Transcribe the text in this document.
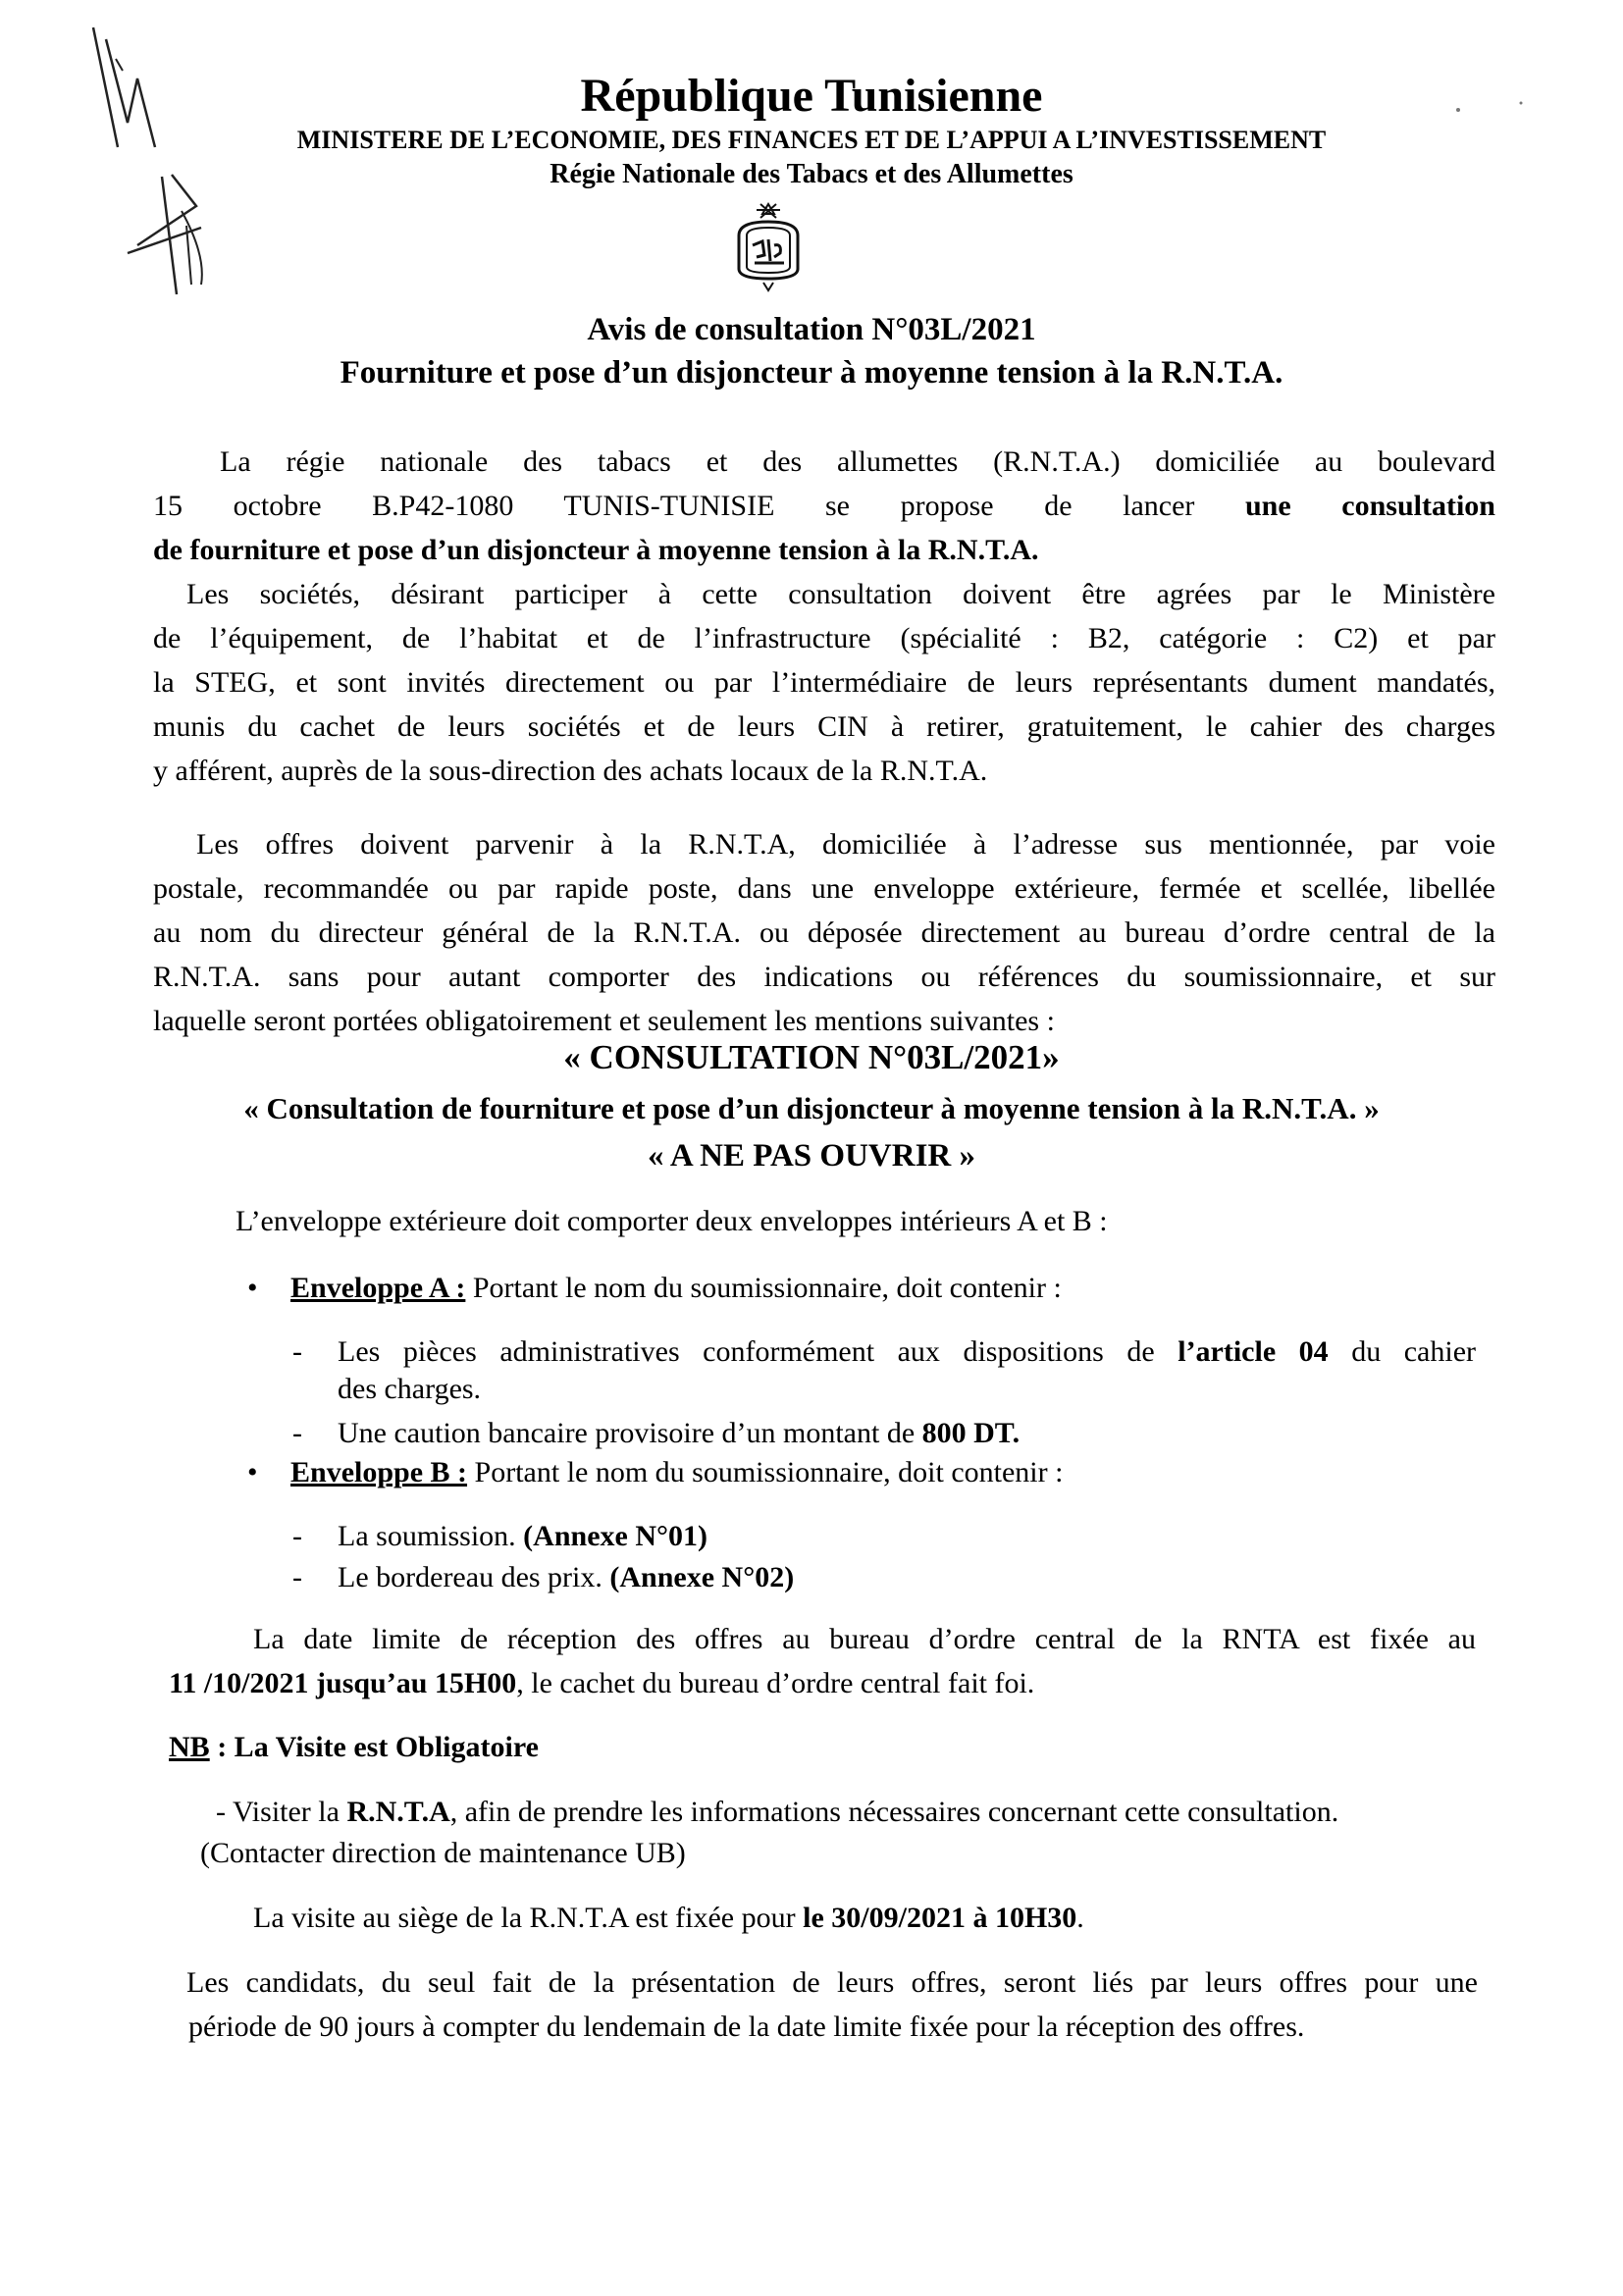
République Tunisienne
MINISTERE DE L’ECONOMIE, DES FINANCES ET DE L’APPUI A L’INVESTISSEMENT
Régie Nationale des Tabacs et des Allumettes
Avis de consultation N°03L/2021
Fourniture et pose d’un disjoncteur à moyenne tension à la R.N.T.A.
La régie nationale des tabacs et des allumettes (R.N.T.A.) domiciliée au boulevard
15 octobre B.P42-1080 TUNIS-TUNISIE se propose de lancer une consultation
de fourniture et pose d’un disjoncteur à moyenne tension à la R.N.T.A.
Les sociétés, désirant participer à cette consultation doivent être agrées par le Ministère
de l’équipement, de l’habitat et de l’infrastructure (spécialité : B2, catégorie : C2) et par
la STEG, et sont invités directement ou par l’intermédiaire de leurs représentants dument mandatés,
munis du cachet de leurs sociétés et de leurs CIN à retirer, gratuitement, le cahier des charges
y afférent, auprès de la sous-direction des achats locaux de la R.N.T.A.
Les offres doivent parvenir à la R.N.T.A, domiciliée à l’adresse sus mentionnée, par voie
postale, recommandée ou par rapide poste, dans une enveloppe extérieure, fermée et scellée, libellée
au nom du directeur général de la R.N.T.A. ou déposée directement au bureau d’ordre central de la
R.N.T.A. sans pour autant comporter des indications ou références du soumissionnaire, et sur
laquelle seront portées obligatoirement et seulement les mentions suivantes :
« CONSULTATION N°03L/2021»
« Consultation de fourniture et pose d’un disjoncteur à moyenne tension à la R.N.T.A. »
« A NE PAS OUVRIR »
L’enveloppe extérieure doit comporter deux enveloppes intérieurs A et B :
• Enveloppe A : Portant le nom du soumissionnaire, doit contenir :
- Les pièces administratives conformément aux dispositions de l’article 04 du cahier
des charges.
- Une caution bancaire provisoire d’un montant de 800 DT.
• Enveloppe B : Portant le nom du soumissionnaire, doit contenir :
- La soumission. (Annexe N°01)
- Le bordereau des prix. (Annexe N°02)
La date limite de réception des offres au bureau d’ordre central de la RNTA est fixée au
11 /10/2021 jusqu’au 15H00, le cachet du bureau d’ordre central fait foi.
NB : La Visite est Obligatoire
- Visiter la R.N.T.A, afin de prendre les informations nécessaires concernant cette consultation.
(Contacter direction de maintenance UB)
La visite au siège de la R.N.T.A est fixée pour le 30/09/2021 à 10H30.
Les candidats, du seul fait de la présentation de leurs offres, seront liés par leurs offres pour une
période de 90 jours à compter du lendemain de la date limite fixée pour la réception des offres.
